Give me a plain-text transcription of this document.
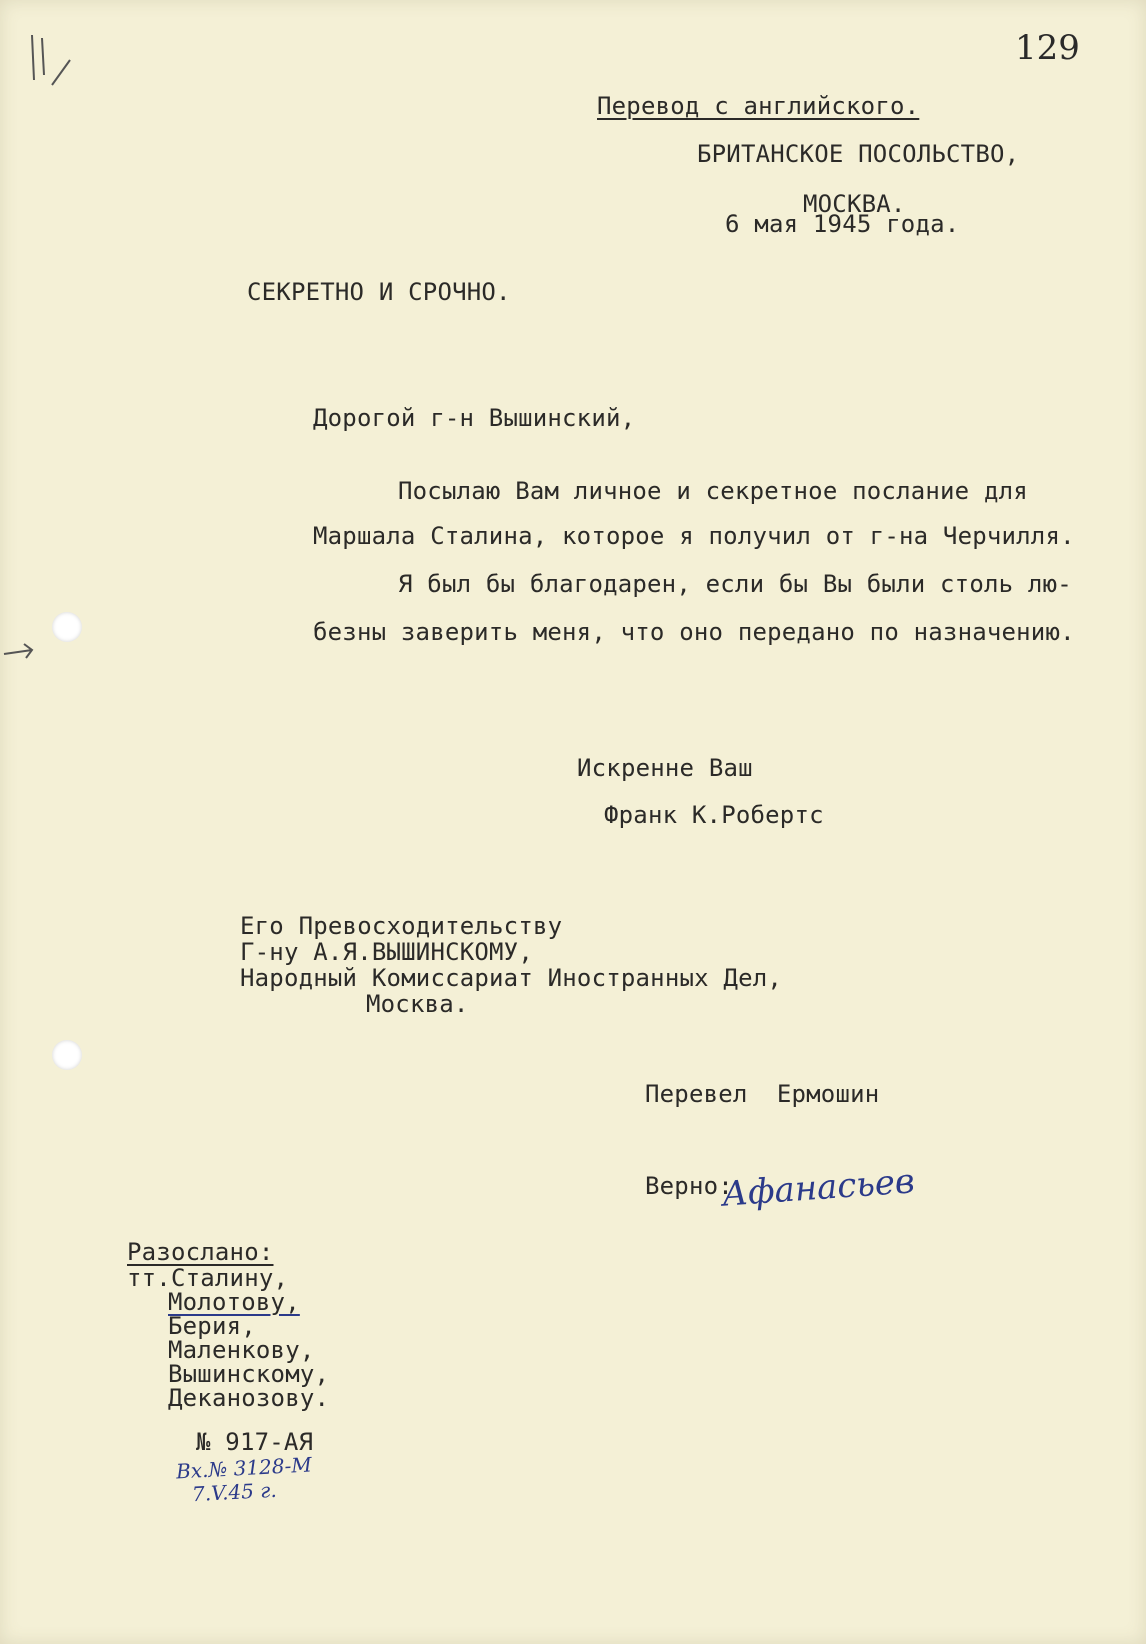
129
Перевод с английского.
БРИТАНСКОЕ ПОСОЛЬСТВО,
МОСКВА.
6 мая 1945 года.
СЕКРЕТНО И СРОЧНО.
Дорогой г-н Вышинский,
Посылаю Вам личное и секретное послание для
Маршала Сталина, которое я получил от г-на Черчилля.
Я был бы благодарен, если бы Вы были столь лю-
безны заверить меня, что оно передано по назначению.
Искренне Ваш
Франк К.Робертс
Его Превосходительству
Г-ну А.Я.ВЫШИНСКОМУ,
Народный Комиссариат Иностранных Дел,
Москва.
Перевел  Ермошин
Верно:
Афанасьев
Разослано:
тт.Сталину,
Молотову,
Берия,
Маленкову,
Вышинскому,
Деканозову.
№ 917-АЯ
Вх.№ 3128-М
7.V.45 г.
